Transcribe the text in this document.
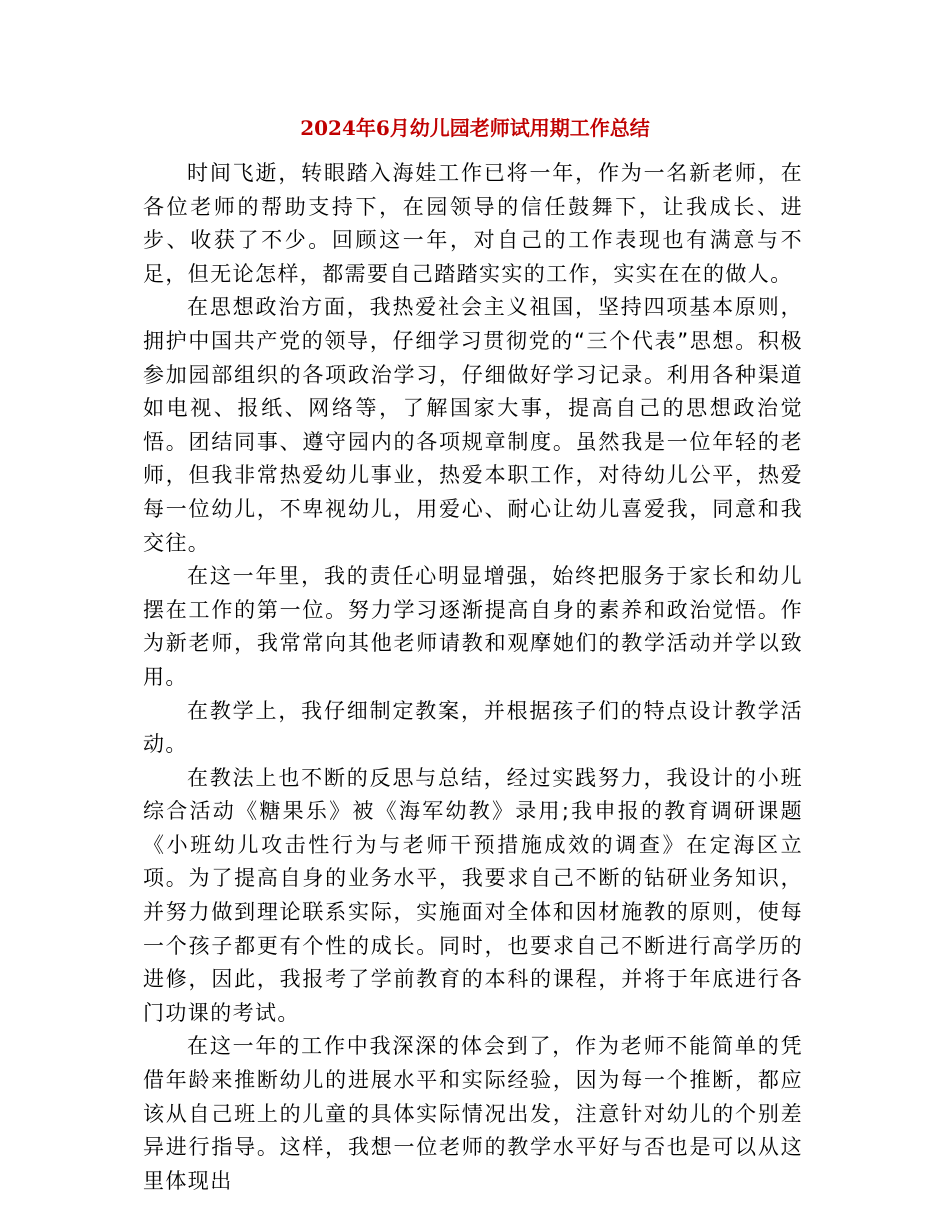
2024年6月幼儿园老师试用期工作总结

时间飞逝，转眼踏入海娃工作已将一年，作为一名新老师，在各位老师的帮助支持下，在园领导的信任鼓舞下，让我成长、进步、收获了不少。回顾这一年，对自己的工作表现也有满意与不足，但无论怎样，都需要自己踏踏实实的工作，实实在在的做人。

在思想政治方面，我热爱社会主义祖国，坚持四项基本原则，拥护中国共产党的领导，仔细学习贯彻党的“三个代表”思想。积极参加园部组织的各项政治学习，仔细做好学习记录。利用各种渠道如电视、报纸、网络等，了解国家大事，提高自己的思想政治觉悟。团结同事、遵守园内的各项规章制度。虽然我是一位年轻的老师，但我非常热爱幼儿事业，热爱本职工作，对待幼儿公平，热爱每一位幼儿，不卑视幼儿，用爱心、耐心让幼儿喜爱我，同意和我交往。

在这一年里，我的责任心明显增强，始终把服务于家长和幼儿摆在工作的第一位。努力学习逐渐提高自身的素养和政治觉悟。作为新老师，我常常向其他老师请教和观摩她们的教学活动并学以致用。

在教学上，我仔细制定教案，并根据孩子们的特点设计教学活动。

在教法上也不断的反思与总结，经过实践努力，我设计的小班综合活动《糖果乐》被《海军幼教》录用;我申报的教育调研课题《小班幼儿攻击性行为与老师干预措施成效的调查》在定海区立项。为了提高自身的业务水平，我要求自己不断的钻研业务知识，并努力做到理论联系实际，实施面对全体和因材施教的原则，使每一个孩子都更有个性的成长。同时，也要求自己不断进行高学历的进修，因此，我报考了学前教育的本科的课程，并将于年底进行各门功课的考试。

在这一年的工作中我深深的体会到了，作为老师不能简单的凭借年龄来推断幼儿的进展水平和实际经验，因为每一个推断，都应该从自己班上的儿童的具体实际情况出发，注意针对幼儿的个别差异进行指导。这样，我想一位老师的教学水平好与否也是可以从这里体现出
